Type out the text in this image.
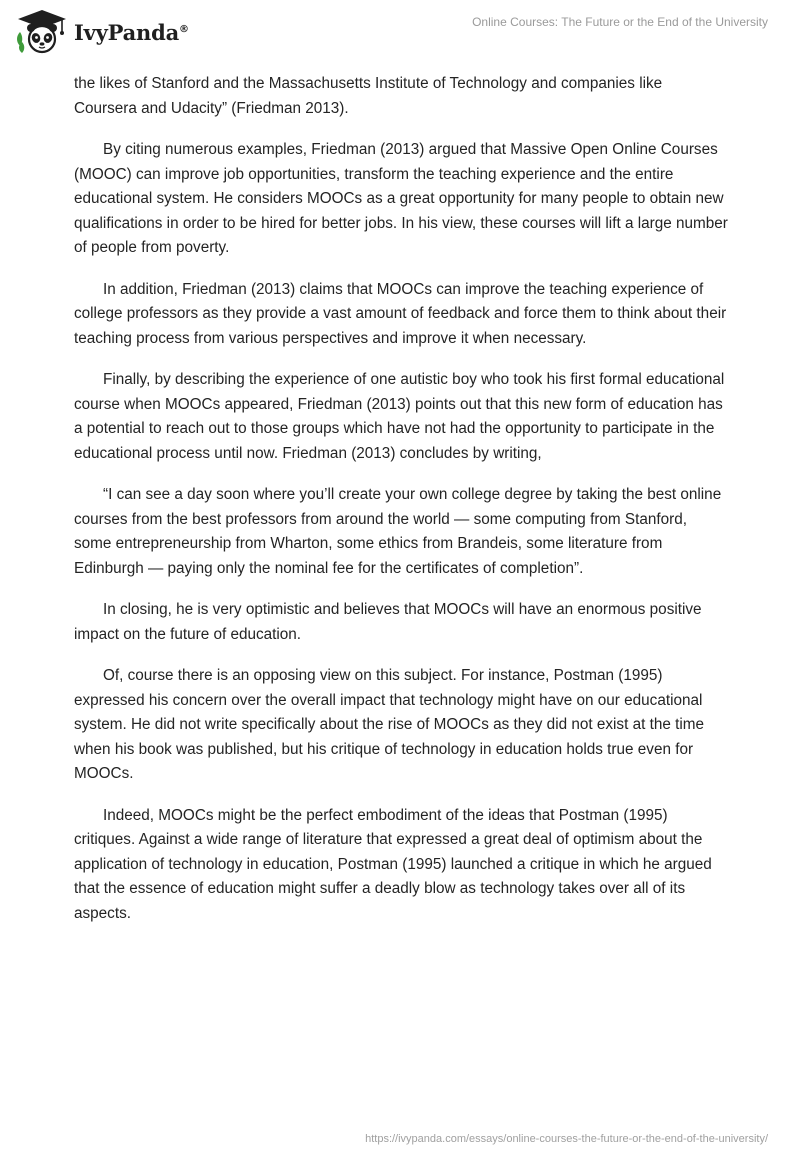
IvyPanda®	Online Courses: The Future or the End of the University

the likes of Stanford and the Massachusetts Institute of Technology and companies like Coursera and Udacity” (Friedman 2013).

By citing numerous examples, Friedman (2013) argued that Massive Open Online Courses (MOOC) can improve job opportunities, transform the teaching experience and the entire educational system. He considers MOOCs as a great opportunity for many people to obtain new qualifications in order to be hired for better jobs. In his view, these courses will lift a large number of people from poverty.

In addition, Friedman (2013) claims that MOOCs can improve the teaching experience of college professors as they provide a vast amount of feedback and force them to think about their teaching process from various perspectives and improve it when necessary.

Finally, by describing the experience of one autistic boy who took his first formal educational course when MOOCs appeared, Friedman (2013) points out that this new form of education has a potential to reach out to those groups which have not had the opportunity to participate in the educational process until now. Friedman (2013) concludes by writing,

“I can see a day soon where you’ll create your own college degree by taking the best online courses from the best professors from around the world — some computing from Stanford, some entrepreneurship from Wharton, some ethics from Brandeis, some literature from Edinburgh — paying only the nominal fee for the certificates of completion”.

In closing, he is very optimistic and believes that MOOCs will have an enormous positive impact on the future of education.

Of, course there is an opposing view on this subject. For instance, Postman (1995) expressed his concern over the overall impact that technology might have on our educational system. He did not write specifically about the rise of MOOCs as they did not exist at the time when his book was published, but his critique of technology in education holds true even for MOOCs.

Indeed, MOOCs might be the perfect embodiment of the ideas that Postman (1995) critiques. Against a wide range of literature that expressed a great deal of optimism about the application of technology in education, Postman (1995) launched a critique in which he argued that the essence of education might suffer a deadly blow as technology takes over all of its aspects.

https://ivypanda.com/essays/online-courses-the-future-or-the-end-of-the-university/
